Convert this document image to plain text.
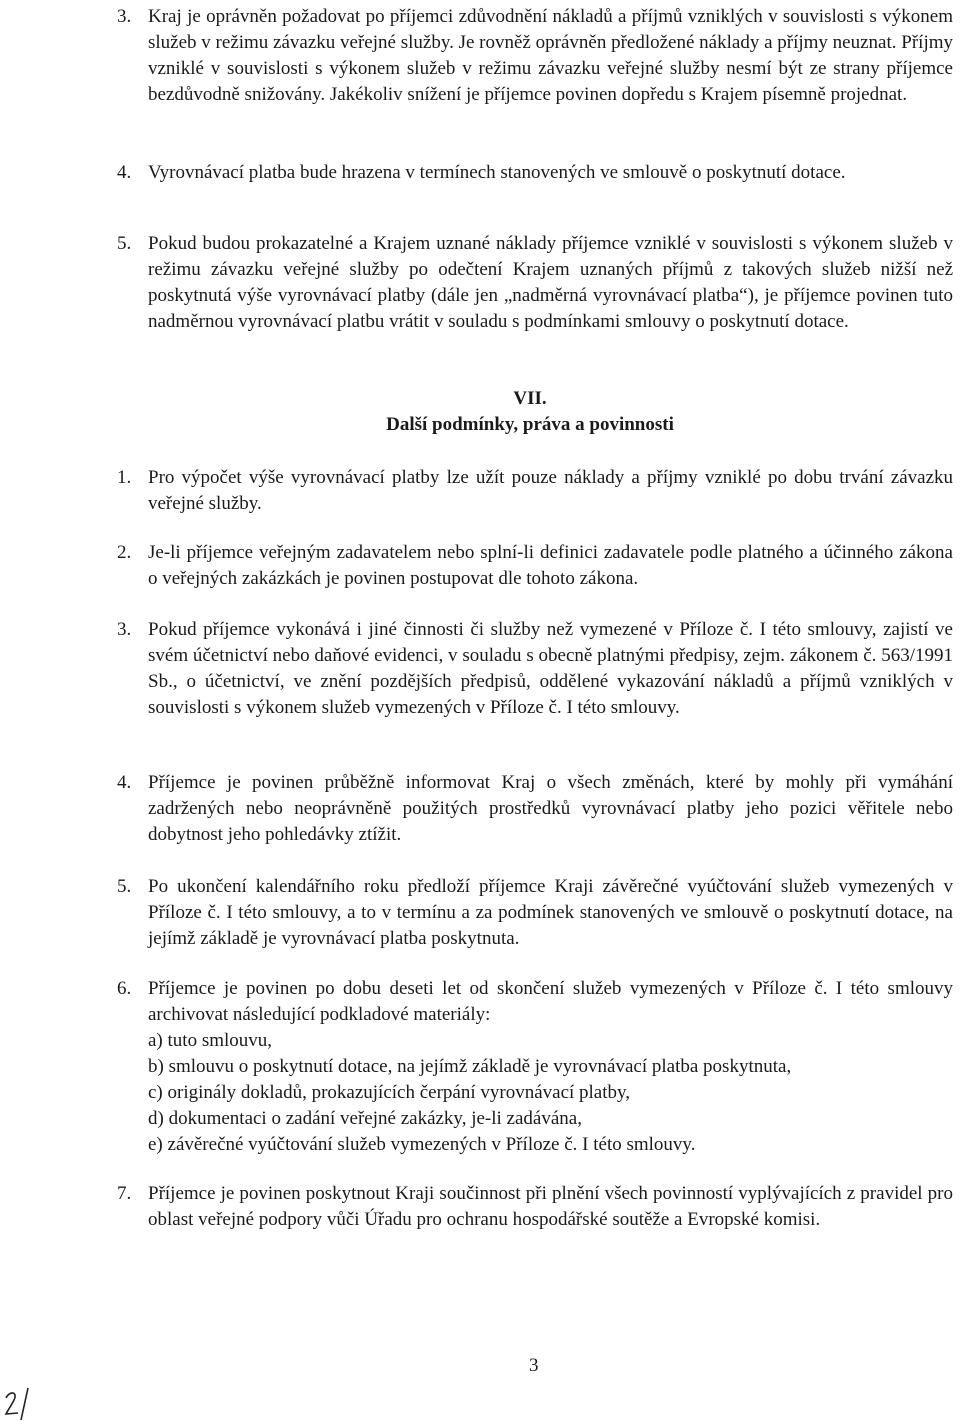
3. Kraj je oprávněn požadovat po příjemci zdůvodnění nákladů a příjmů vzniklých v souvislosti s výkonem služeb v režimu závazku veřejné služby. Je rovněž oprávněn předložené náklady a příjmy neuznat. Příjmy vzniklé v souvislosti s výkonem služeb v režimu závazku veřejné služby nesmí být ze strany příjemce bezdůvodně snižovány. Jakékoliv snížení je příjemce povinen dopředu s Krajem písemně projednat.

4. Vyrovnávací platba bude hrazena v termínech stanovených ve smlouvě o poskytnutí dotace.

5. Pokud budou prokazatelné a Krajem uznané náklady příjemce vzniklé v souvislosti s výkonem služeb v režimu závazku veřejné služby po odečtení Krajem uznaných příjmů z takových služeb nižší než poskytnutá výše vyrovnávací platby (dále jen „nadměrná vyrovnávací platba“), je příjemce povinen tuto nadměrnou vyrovnávací platbu vrátit v souladu s podmínkami smlouvy o poskytnutí dotace.

VII.
Další podmínky, práva a povinnosti
1. Pro výpočet výše vyrovnávací platby lze užít pouze náklady a příjmy vzniklé po dobu trvání závazku veřejné služby.

2. Je-li příjemce veřejným zadavatelem nebo splní-li definici zadavatele podle platného a účinného zákona o veřejných zakázkách je povinen postupovat dle tohoto zákona.

3. Pokud příjemce vykonává i jiné činnosti či služby než vymezené v Příloze č. I této smlouvy, zajistí ve svém účetnictví nebo daňové evidenci, v souladu s obecně platnými předpisy, zejm. zákonem č. 563/1991 Sb., o účetnictví, ve znění pozdějších předpisů, oddělené vykazování nákladů a příjmů vzniklých v souvislosti s výkonem služeb vymezených v Příloze č. I této smlouvy.

4. Příjemce je povinen průběžně informovat Kraj o všech změnách, které by mohly při vymáhání zadržených nebo neoprávněně použitých prostředků vyrovnávací platby jeho pozici věřitele nebo dobytnost jeho pohledávky ztížit.

5. Po ukončení kalendářního roku předloží příjemce Kraji závěrečné vyúčtování služeb vymezených v Příloze č. I této smlouvy, a to v termínu a za podmínek stanovených ve smlouvě o poskytnutí dotace, na jejímž základě je vyrovnávací platba poskytnuta.

6. Příjemce je povinen po dobu deseti let od skončení služeb vymezených v Příloze č. I této smlouvy archivovat následující podkladové materiály:

a) tuto smlouvu,

b) smlouvu o poskytnutí dotace, na jejímž základě je vyrovnávací platba poskytnuta,

c) originály dokladů, prokazujících čerpání vyrovnávací platby,

d) dokumentaci o zadání veřejné zakázky, je-li zadávána,

e) závěrečné vyúčtování služeb vymezených v Příloze č. I této smlouvy.

7. Příjemce je povinen poskytnout Kraji součinnost při plnění všech povinností vyplývajících z pravidel pro oblast veřejné podpory vůči Úřadu pro ochranu hospodářské soutěže a Evropské komisi.

3
